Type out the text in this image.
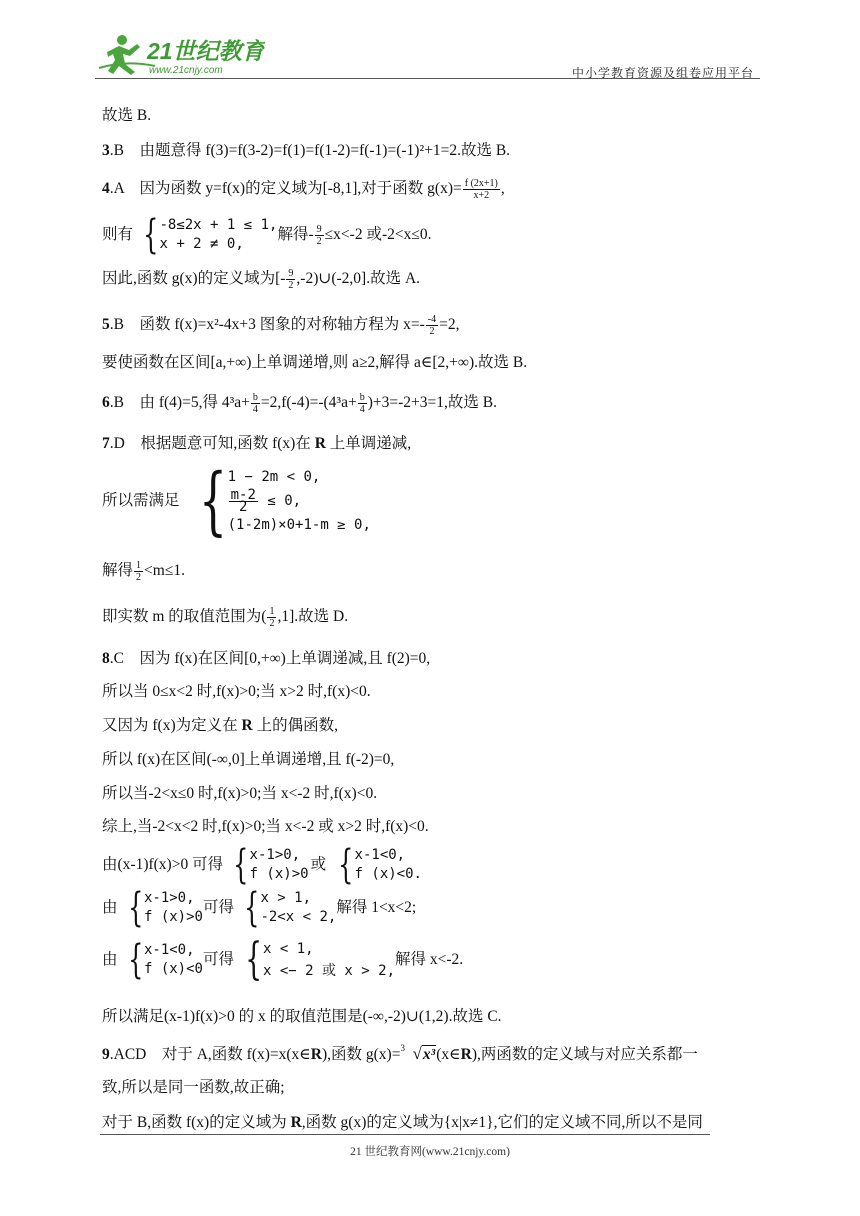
21世纪教育
www.21cnjy.com	中小学教育资源及组卷应用平台
故选 B.
3.B　由题意得 f(3)=f(3-2)=f(1)=f(1-2)=f(-1)=(-1)²+1=2.故选 B.
4.A　因为函数 y=f(x)的定义域为[-8,1],对于函数 $g(x)= \frac{f (2x+1)}{x+2}$ ,
则有 { -8≤2x + 1 ≤ 1,
x + 2 ≠ 0,
解得- $\frac{9}{2} \le x<-2$ 或-2<x≤0.
因此,函数 g(x)的定义域为[- $\frac{9}{2}$ ,-2)∪(-2,0].故选 A.
5.B　函数 f(x)=x²-4x+3 图象的对称轴方程为 $x=- \frac{-4}{2} =2$,
要使函数在区间[a,+∞)上单调递增,则 a≥2,解得 a∈[2,+∞).故选 B.
6.B　由 f(4)=5,得 $4^3a+ \frac{b}{4} =2,f(-4)=-(4^3a+ \frac{b}{4} )+3=-2+3=1$,故选 B.
7.D　根据题意可知,函数 f(x)在 R 上单调递减,
所以需满足 { 1 − 2m < 0,
$\frac{m-2}{2} \le 0$,
(1-2m)×0+1-m ≥ 0,
解得 $\frac{1}{2} <m\le 1$.
即实数 m 的取值范围为( $\frac{1}{2} ,1$].故选 D.
8.C　因为 f(x)在区间[0,+∞)上单调递减,且 f(2)=0,
所以当 0≤x<2 时,f(x)>0;当 x>2 时,f(x)<0.
又因为 f(x)为定义在 R 上的偶函数,
所以 f(x)在区间(-∞,0]上单调递增,且 f(-2)=0,
所以当-2<x≤0 时,f(x)>0;当 x<-2 时,f(x)<0.
综上,当-2<x<2 时,f(x)>0;当 x<-2 或 x>2 时,f(x)<0.
由(x-1)f(x)>0 可得 { x-1>0,
f (x)>0
或 { x-1<0,
f (x)<0.
由 { x-1>0,
f (x)>0
可得 { x > 1,
-2<x < 2,
解得 1<x<2;
由 { x-1<0,
f (x)<0
可得 { x < 1,
x <− 2 或 x > 2,
解得 x<-2.
所以满足(x-1)f(x)>0 的 x 的取值范围是(-∞,-2)∪(1,2).故选 C.
9.ACD　对于 A,函数 f(x)=x(x∈R),函数 g(x)= 3 √x³(x∈R),两函数的定义域与对应关系都一
致,所以是同一函数,故正确;
对于 B,函数 f(x)的定义域为 R,函数 g(x)的定义域为{x|x≠1},它们的定义域不同,所以不是同
21 世纪教育网(www.21cnjy.com)
